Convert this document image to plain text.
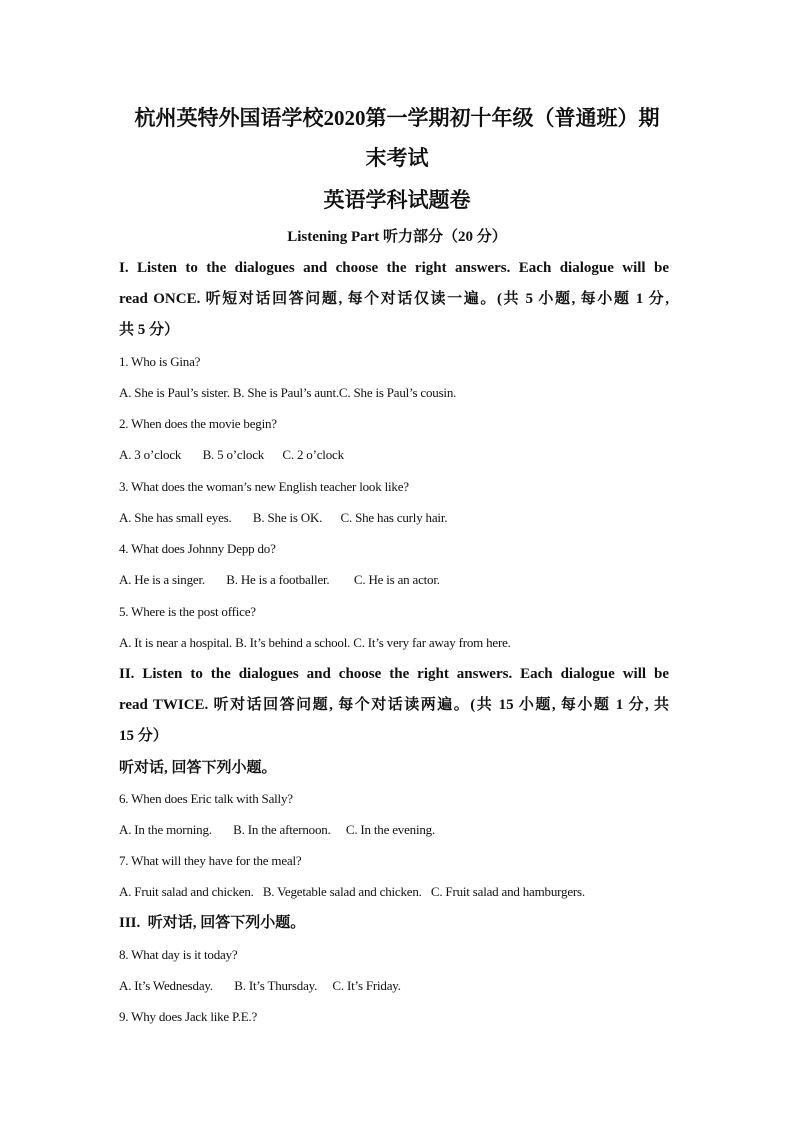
杭州英特外国语学校2020第一学期初十年级（普通班）期
末考试
英语学科试题卷
Listening Part 听力部分（20 分）
I. Listen to the dialogues and choose the right answers. Each dialogue will be
read ONCE. 听短对话回答问题, 每个对话仅读一遍。(共 5 小题, 每小题 1 分,
共 5 分）
1. Who is Gina?
A. She is Paul’s sister. B. She is Paul’s aunt.C. She is Paul’s cousin.
2. When does the movie begin?
A. 3 o’clock       B. 5 o’clock      C. 2 o’clock
3. What does the woman’s new English teacher look like?
A. She has small eyes.       B. She is OK.      C. She has curly hair.
4. What does Johnny Depp do?
A. He is a singer.       B. He is a footballer.        C. He is an actor.
5. Where is the post office?
A. It is near a hospital. B. It’s behind a school. C. It’s very far away from here.
II. Listen to the dialogues and choose the right answers. Each dialogue will be
read TWICE. 听对话回答问题, 每个对话读两遍。(共 15 小题, 每小题 1 分, 共
15 分）
听对话, 回答下列小题。
6. When does Eric talk with Sally?
A. In the morning.       B. In the afternoon.     C. In the evening.
7. What will they have for the meal?
A. Fruit salad and chicken.   B. Vegetable salad and chicken.   C. Fruit salad and hamburgers.
III.  听对话, 回答下列小题。
8. What day is it today?
A. It’s Wednesday.       B. It’s Thursday.     C. It’s Friday.
9. Why does Jack like P.E.?
